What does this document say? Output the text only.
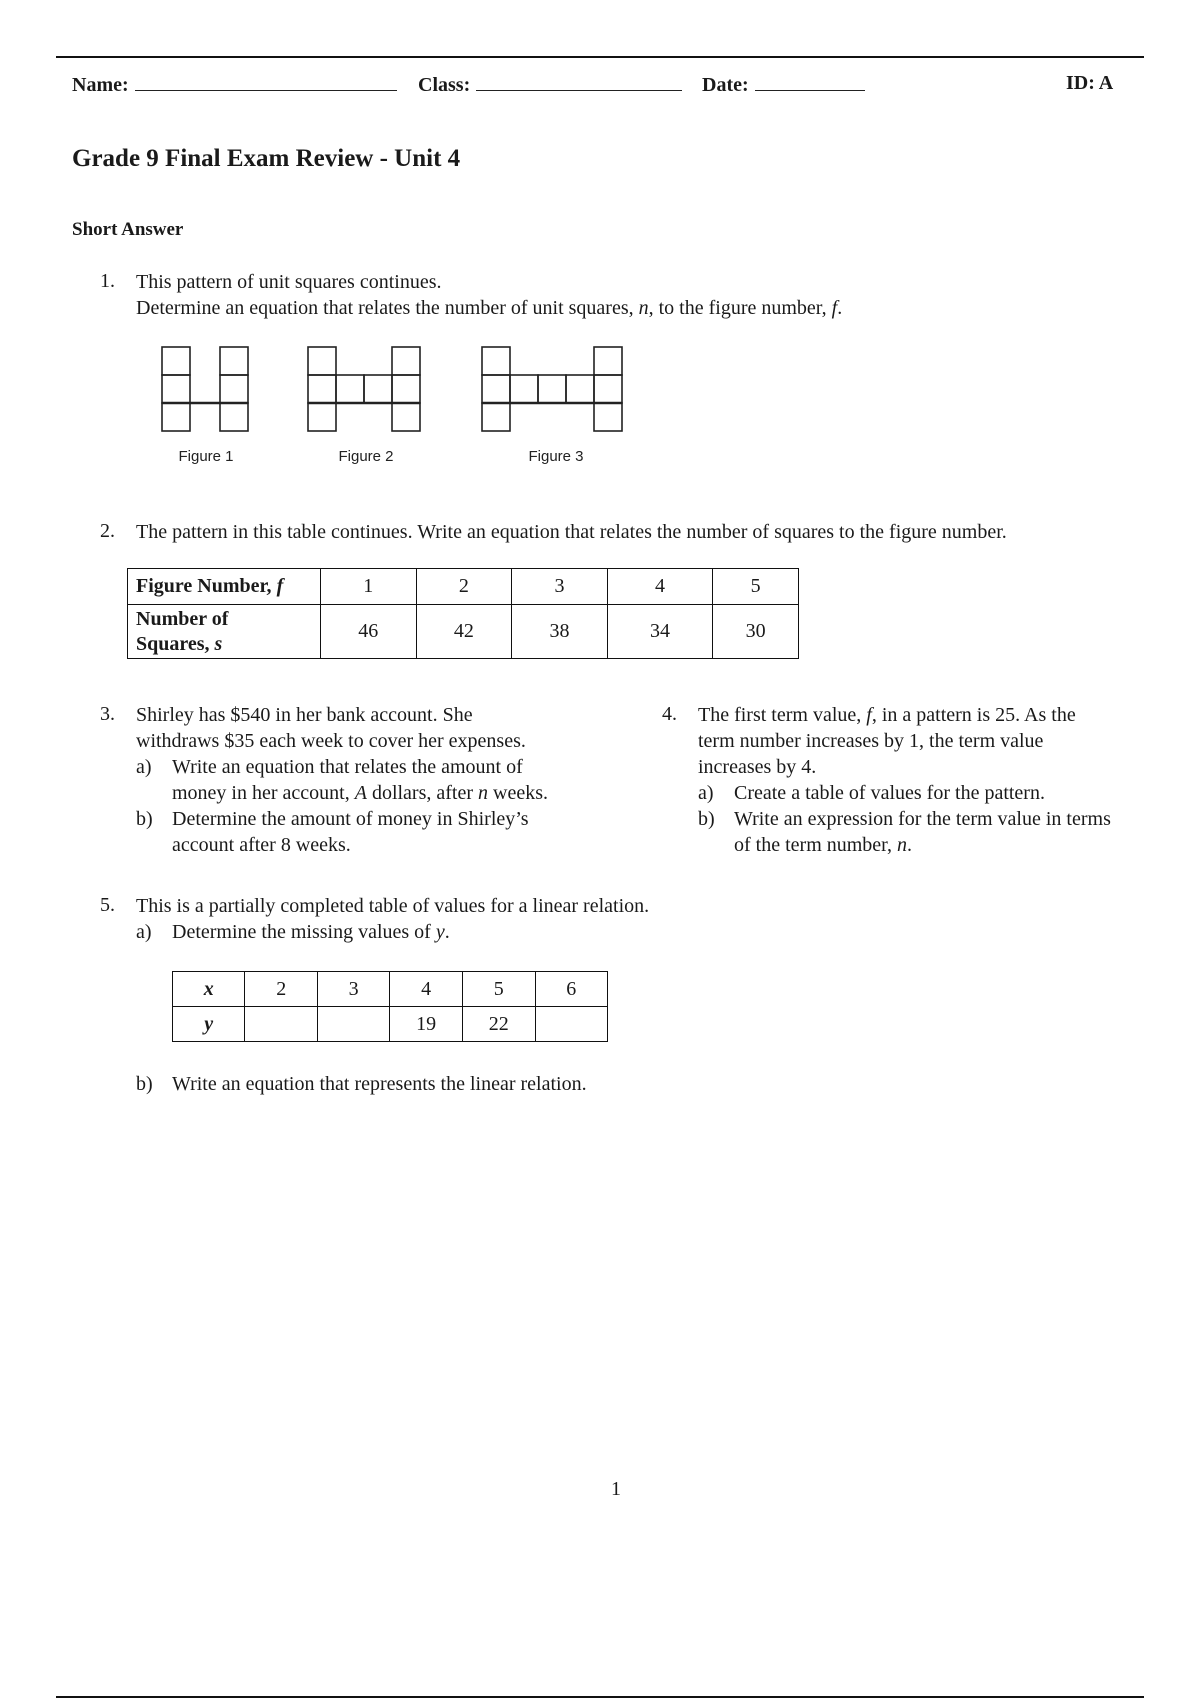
Name:	Class:	Date:	ID: A
Grade 9 Final Exam Review - Unit 4
Short Answer
1. This pattern of unit squares continues.
Determine an equation that relates the number of unit squares, n, to the figure number, f.
Figure 1	Figure 2	Figure 3
2. The pattern in this table continues. Write an equation that relates the number of squares to the figure number.
Figure Number, f	1	2	3	4	5

Number of
Squares, s	46	42	38	34	30
3. Shirley has $540 in her bank account. She
withdraws $35 each week to cover her expenses.
a) Write an equation that relates the amount of
money in her account, A dollars, after n weeks.
b) Determine the amount of money in Shirley’s
account after 8 weeks.
4. The first term value, f, in a pattern is 25. As the
term number increases by 1, the term value
increases by 4.
a) Create a table of values for the pattern.
b) Write an expression for the term value in terms
of the term number, n.
5. This is a partially completed table of values for a linear relation.
a) Determine the missing values of y.
x	2	3	4	5	6
y			19	22	
b) Write an equation that represents the linear relation.
1
